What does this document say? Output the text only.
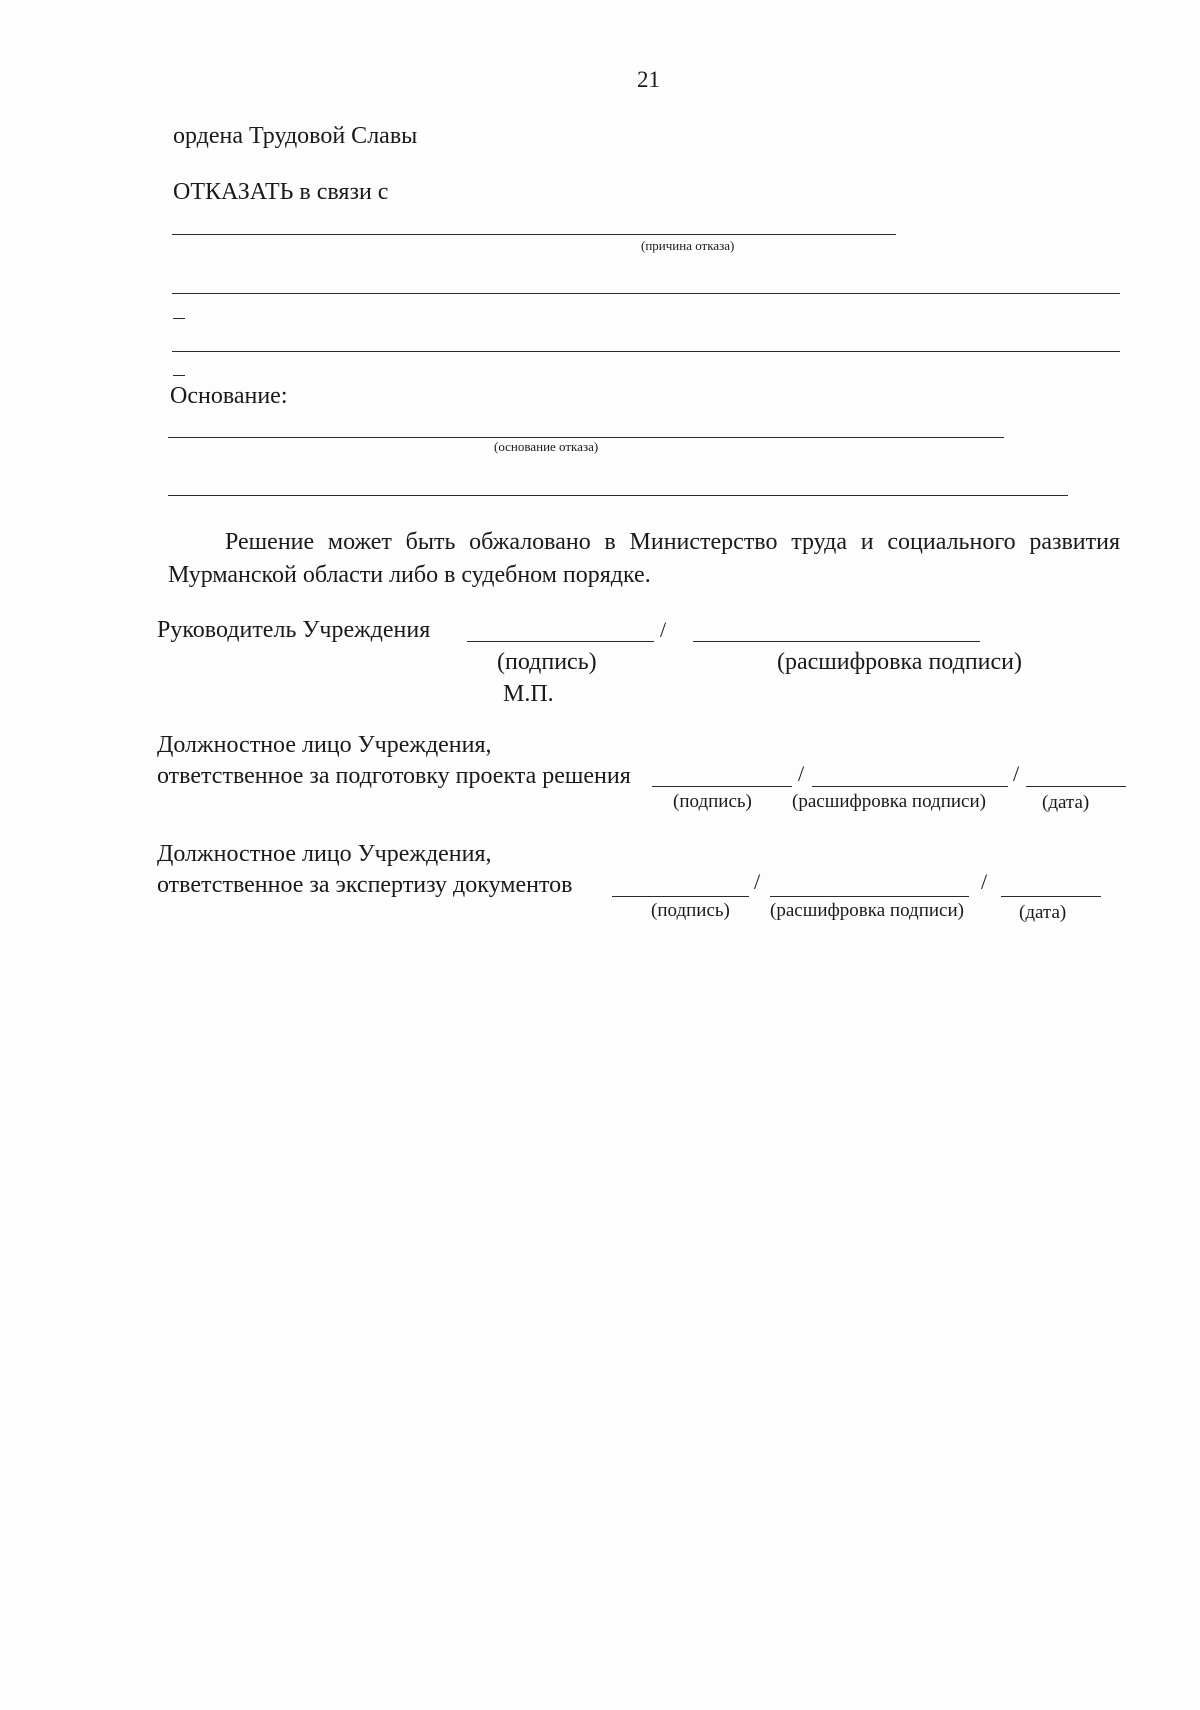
21
ордена Трудовой Славы
ОТКАЗАТЬ в связи с
(причина отказа)
Основание:
(основание отказа)
Решение может быть обжаловано в Министерство труда и социального развития Мурманской области либо в судебном порядке.
Руководитель Учреждения	/
(подпись)	(расшифровка подписи)
М.П.
Должностное лицо Учреждения,
ответственное за подготовку проекта решения	/	/
(подпись) (расшифровка подписи)	(дата)
Должностное лицо Учреждения,
ответственное за экспертизу документов	/	/
(подпись) (расшифровка подписи)	(дата)
